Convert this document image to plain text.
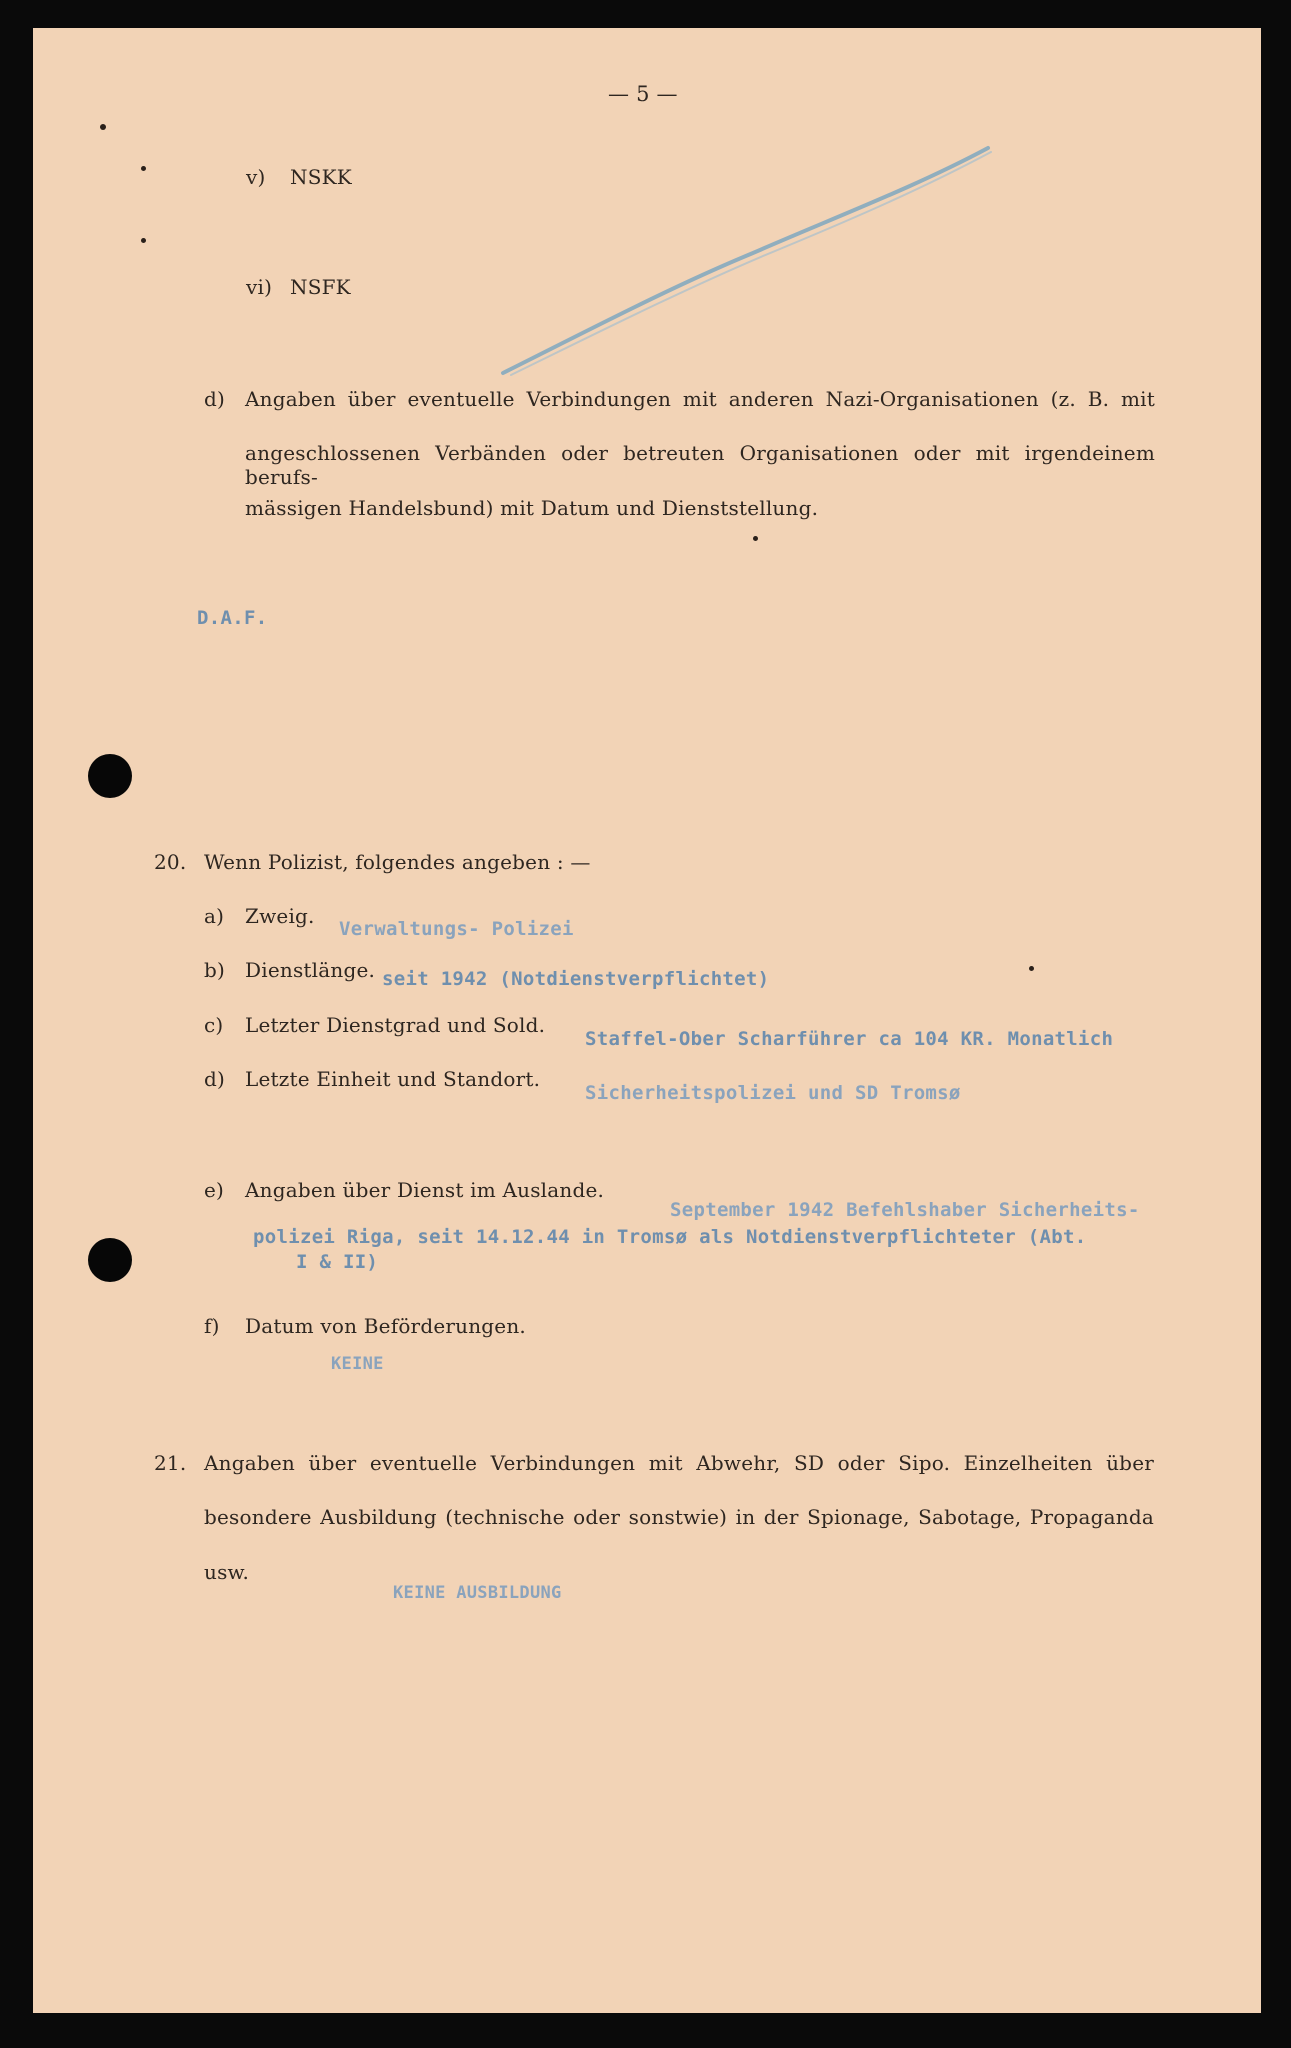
— 5 —
v) NSKK
vi) NSFK
d) Angaben über eventuelle Verbindungen mit anderen Nazi-Organisationen (z. B. mit
angeschlossenen Verbänden oder betreuten Organisationen oder mit irgendeinem berufs-
mässigen Handelsbund) mit Datum und Dienststellung.
D.A.F.
20. Wenn Polizist, folgendes angeben : —
a) Zweig.
Verwaltungs- Polizei
b) Dienstlänge. seit 1942 (Notdienstverpflichtet)
c) Letzter Dienstgrad und Sold.
Staffel-Ober Scharführer ca 104 KR. Monatlich
d) Letzte Einheit und Standort.
Sicherheitspolizei und SD Tromsø
e) Angaben über Dienst im Auslande.
September 1942 Befehlshaber Sicherheits-
polizei Riga, seit 14.12.44 in Tromsø als Notdienstverpflichteter (Abt.
I & II)
f) Datum von Beförderungen.
KEINE
21. Angaben über eventuelle Verbindungen mit Abwehr, SD oder Sipo. Einzelheiten über
besondere Ausbildung (technische oder sonstwie) in der Spionage, Sabotage, Propaganda
usw.
KEINE AUSBILDUNG
